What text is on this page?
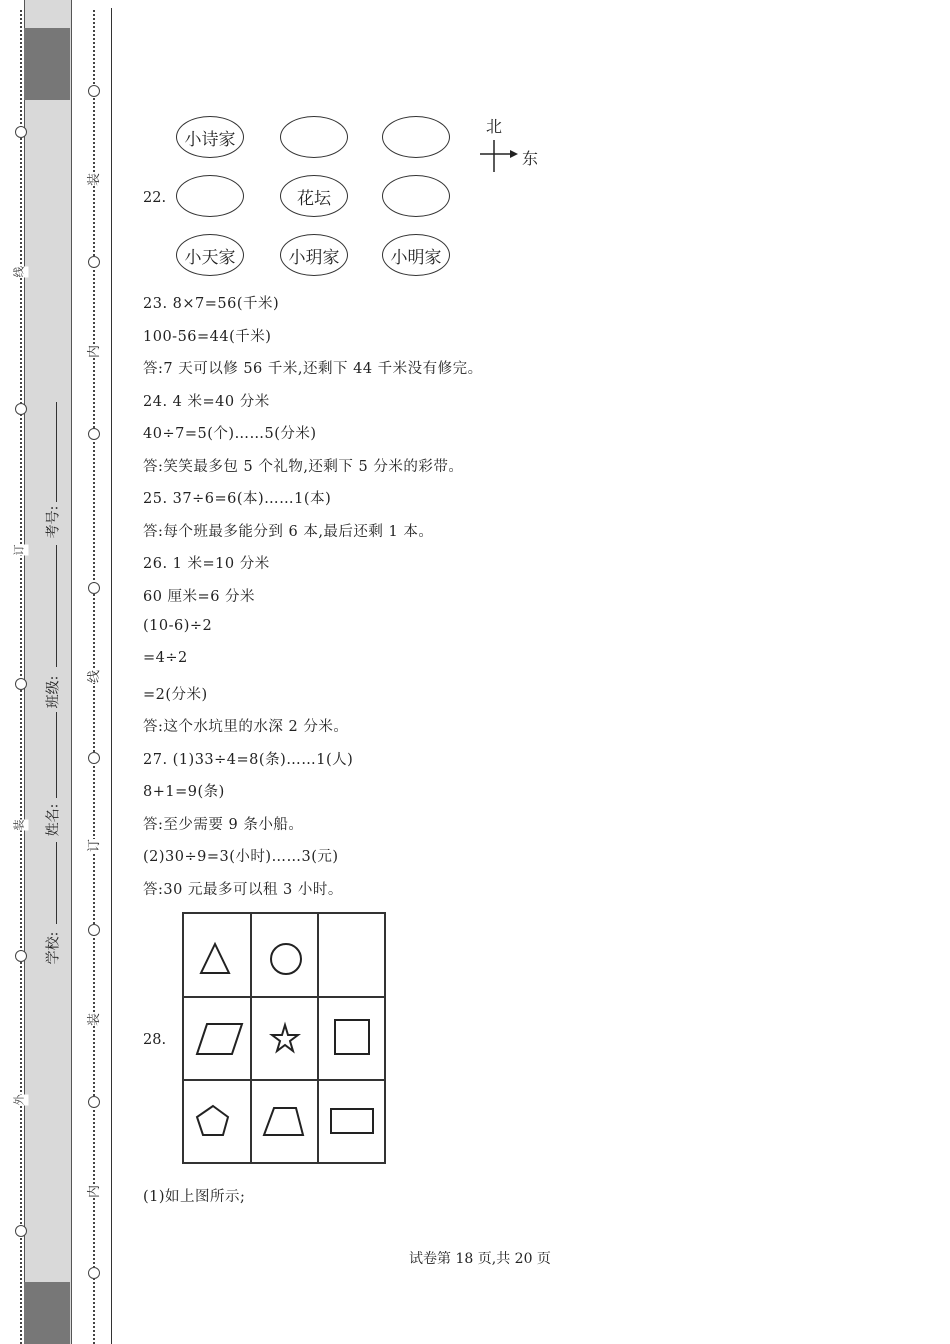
装
内
线
订
装
内
线
订
装
外
考号:
班级:
姓名:
学校:
22.
小诗家
花坛
小天家	小玥家	小明家
北
东
23. 8×7=56(千米)
100-56=44(千米)
答:7 天可以修 56 千米,还剩下 44 千米没有修完。
24. 4 米=40 分米
40÷7=5(个)……5(分米)
答:笑笑最多包 5 个礼物,还剩下 5 分米的彩带。
25. 37÷6=6(本)……1(本)
答:每个班最多能分到 6 本,最后还剩 1 本。
26. 1 米=10 分米
60 厘米=6 分米
(10-6)÷2
=4÷2
=2(分米)
答:这个水坑里的水深 2 分米。
27. (1)33÷4=8(条)……1(人)
8+1=9(条)
答:至少需要 9 条小船。
(2)30÷9=3(小时)……3(元)
答:30 元最多可以租 3 小时。
28.
(1)如上图所示;
试卷第 18 页,共 20 页
